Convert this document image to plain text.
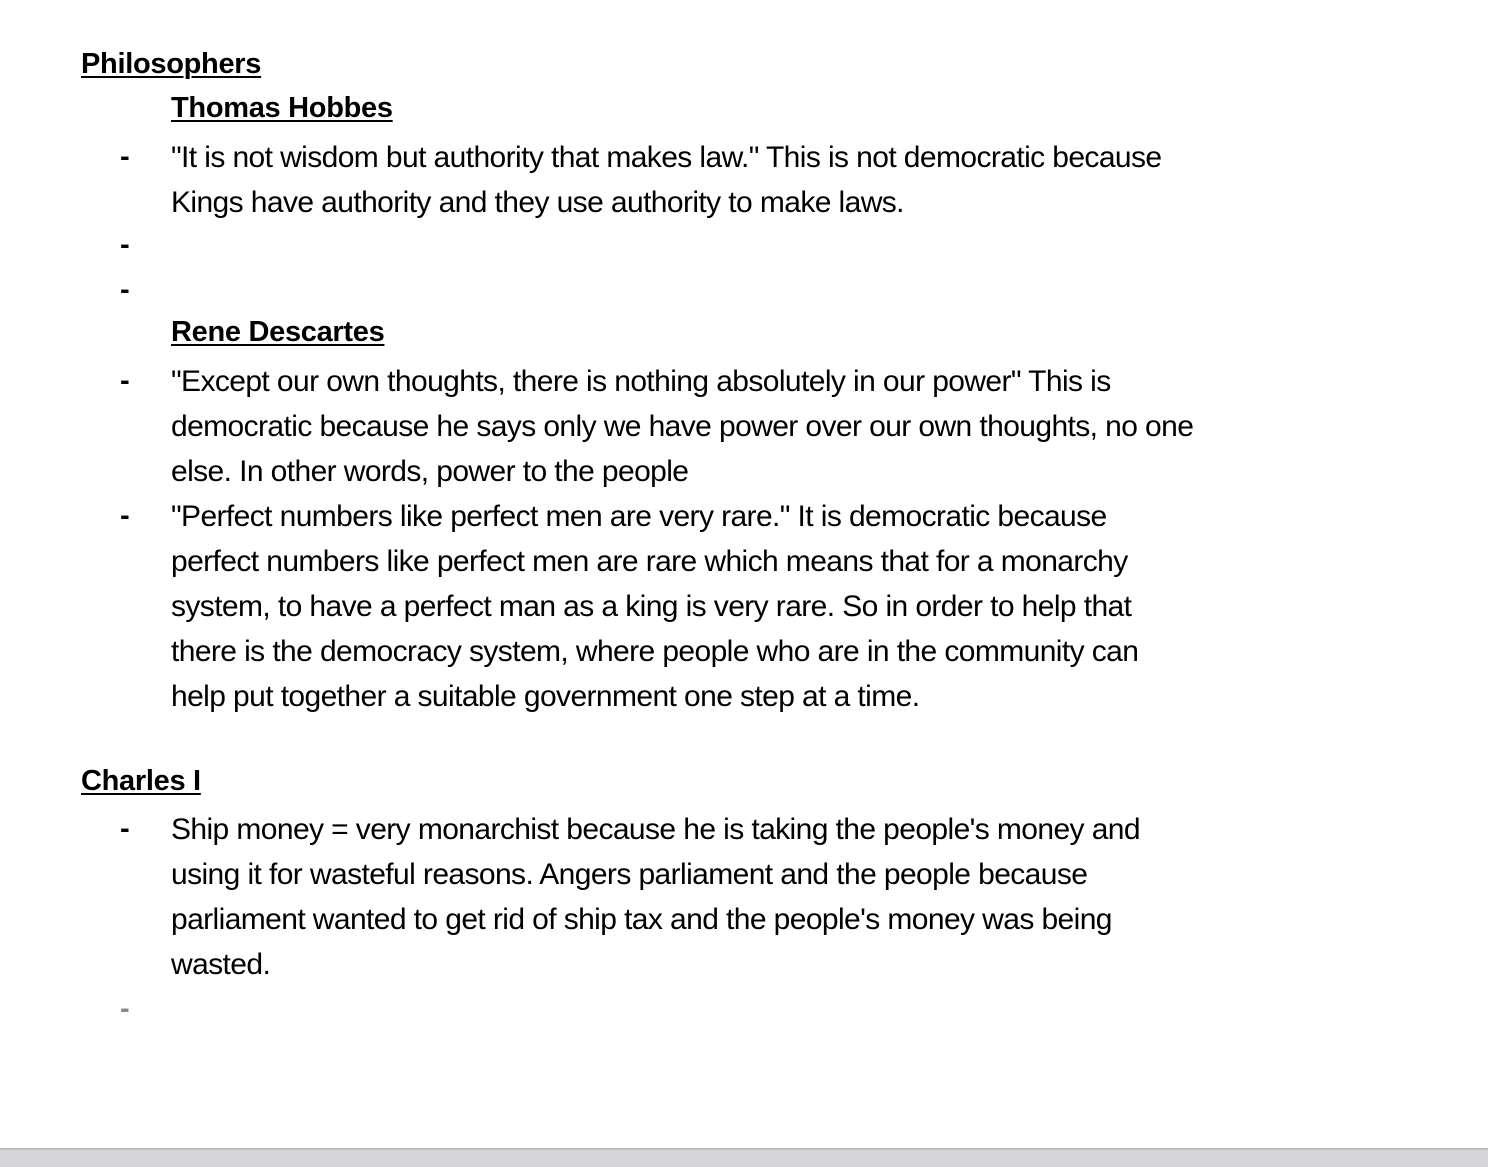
Philosophers
Thomas Hobbes
- "It is not wisdom but authority that makes law." This is not democratic because
Kings have authority and they use authority to make laws.
-
-
Rene Descartes
- "Except our own thoughts, there is nothing absolutely in our power" This is
democratic because he says only we have power over our own thoughts, no one
else. In other words, power to the people
- "Perfect numbers like perfect men are very rare." It is democratic because
perfect numbers like perfect men are rare which means that for a monarchy
system, to have a perfect man as a king is very rare. So in order to help that
there is the democracy system, where people who are in the community can
help put together a suitable government one step at a time.
Charles I
- Ship money = very monarchist because he is taking the people's money and
using it for wasteful reasons. Angers parliament and the people because
parliament wanted to get rid of ship tax and the people's money was being
wasted.
-
